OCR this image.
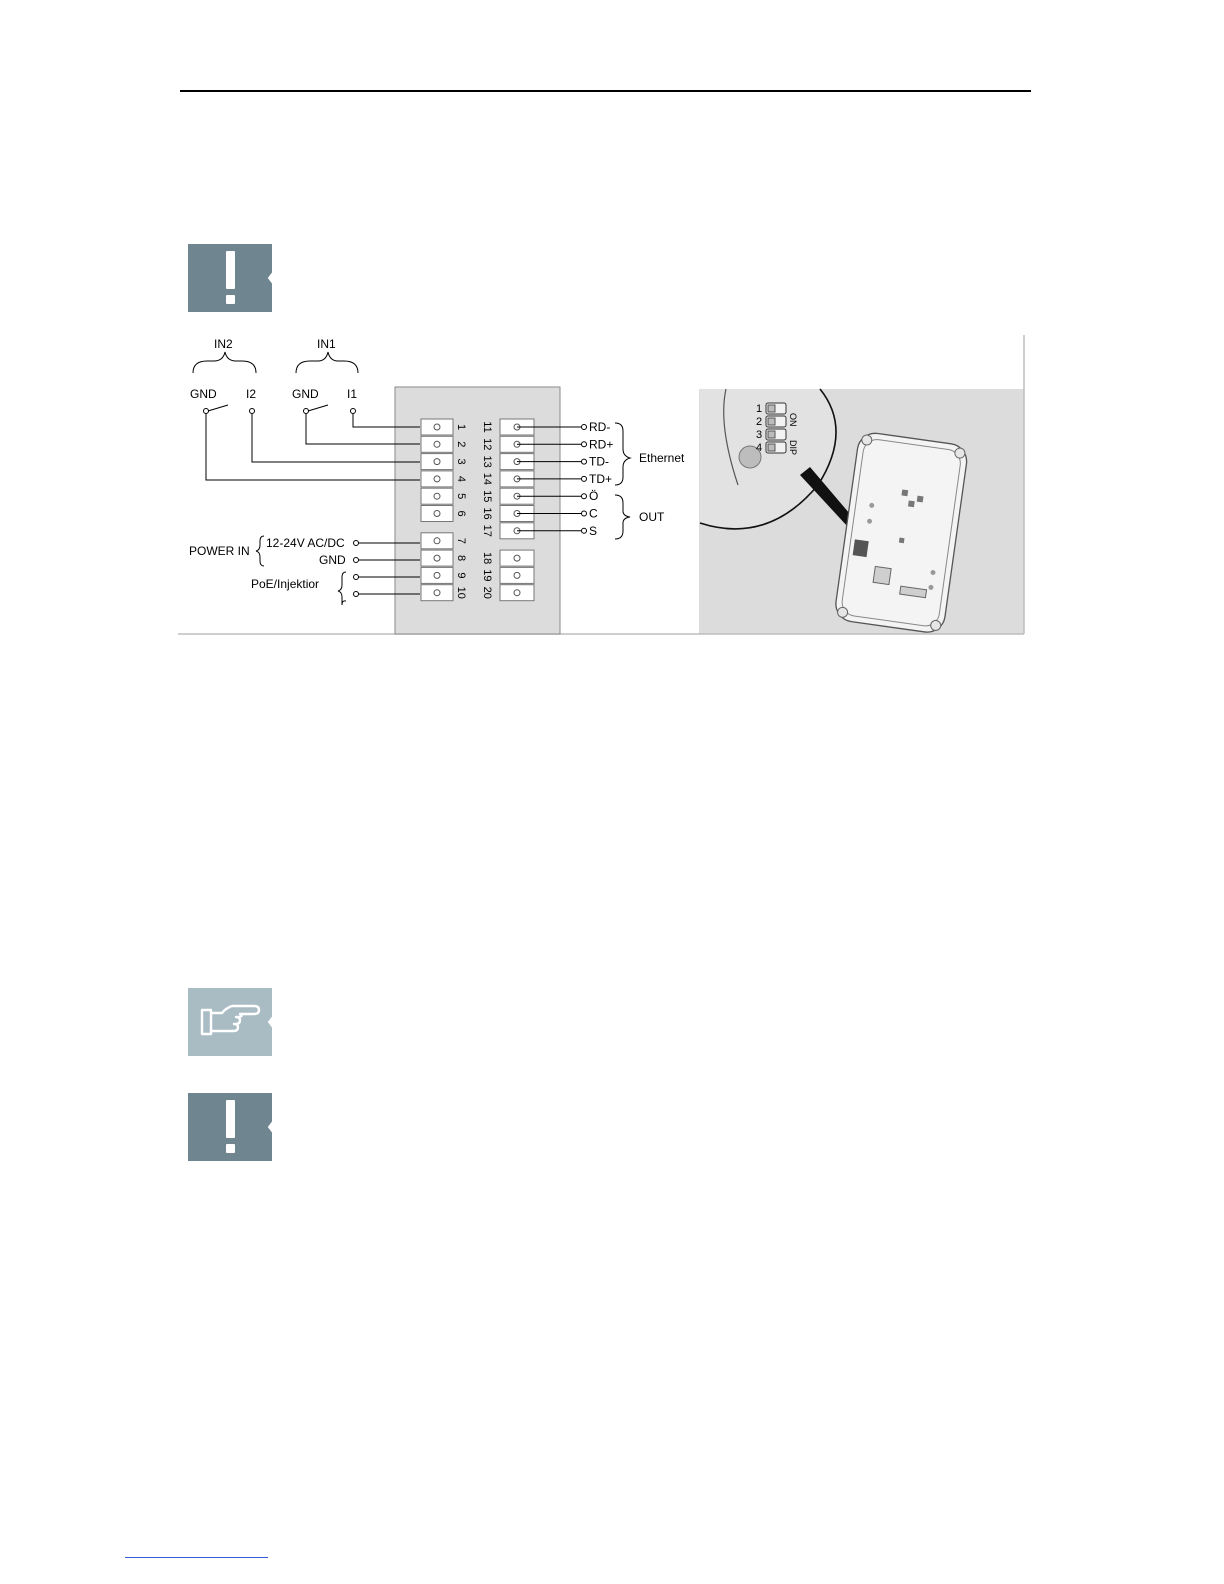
1
2
3
4
5
6
7
8
9
10
11
12
13
14
15
16
17
18
19
20
IN2	IN1
GND I2	GND I1
POWER IN
12-24V AC/DC
GND
PoE/Injektior
RD-
RD+
TD-
TD+
Ö
C
S
Ethernet
OUT
1
2
3
4
ON
DIP
